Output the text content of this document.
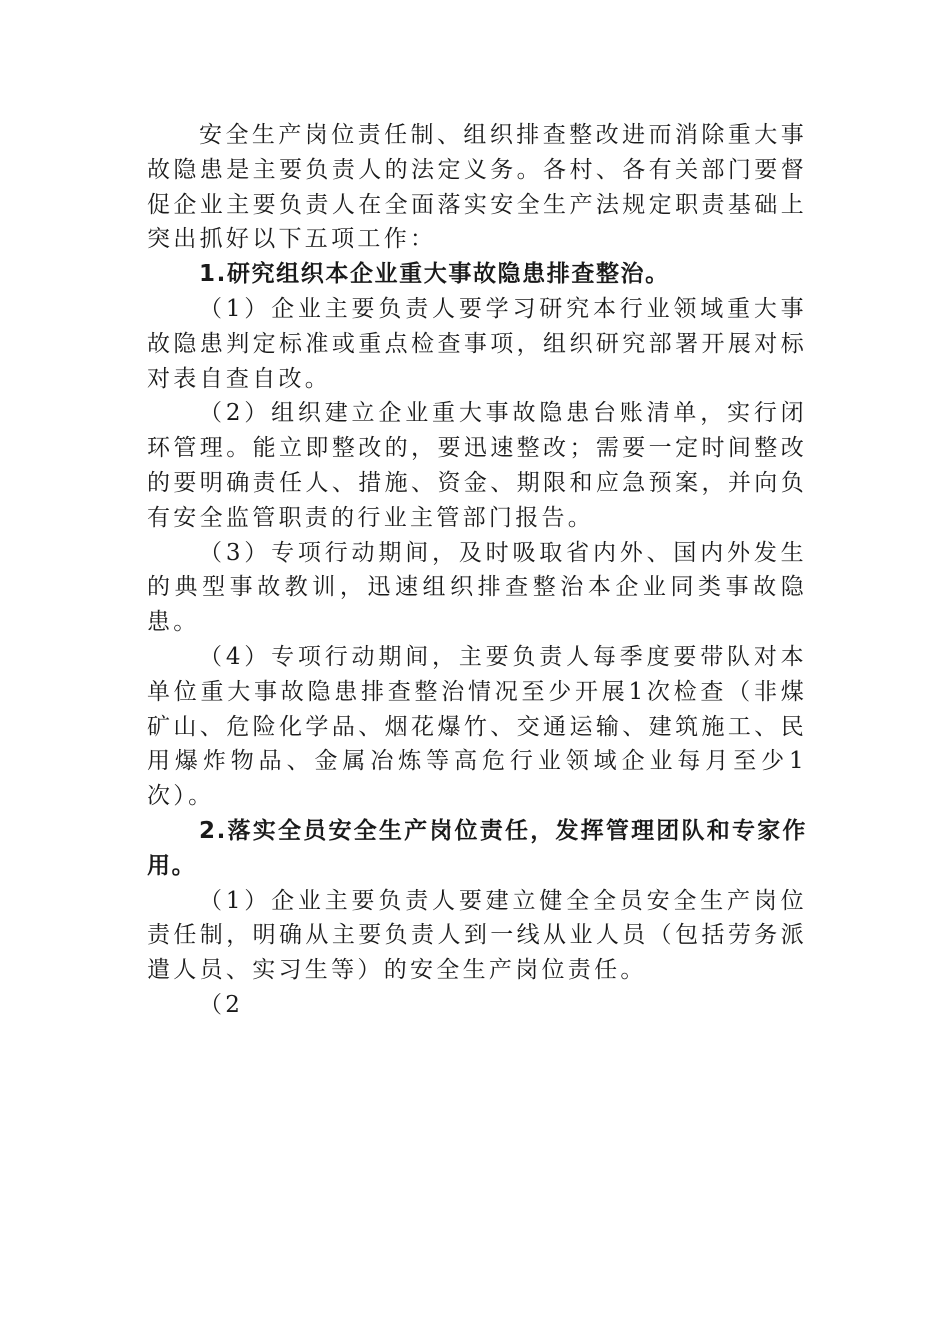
安全生产岗位责任制、组织排查整改进而消除重大事故隐患是主要负责人的法定义务。各村、各有关部门要督促企业主要负责人在全面落实安全生产法规定职责基础上突出抓好以下五项工作：

1.研究组织本企业重大事故隐患排查整治。

（1）企业主要负责人要学习研究本行业领域重大事故隐患判定标准或重点检查事项，组织研究部署开展对标对表自查自改。

（2）组织建立企业重大事故隐患台账清单，实行闭环管理。能立即整改的，要迅速整改；需要一定时间整改的要明确责任人、措施、资金、期限和应急预案，并向负有安全监管职责的行业主管部门报告。

（3）专项行动期间，及时吸取省内外、国内外发生的典型事故教训，迅速组织排查整治本企业同类事故隐患。

（4）专项行动期间，主要负责人每季度要带队对本单位重大事故隐患排查整治情况至少开展1次检查（非煤矿山、危险化学品、烟花爆竹、交通运输、建筑施工、民用爆炸物品、金属冶炼等高危行业领域企业每月至少1次）。

2.落实全员安全生产岗位责任，发挥管理团队和专家作用。

（1）企业主要负责人要建立健全全员安全生产岗位责任制，明确从主要负责人到一线从业人员（包括劳务派遣人员、实习生等）的安全生产岗位责任。

（2
